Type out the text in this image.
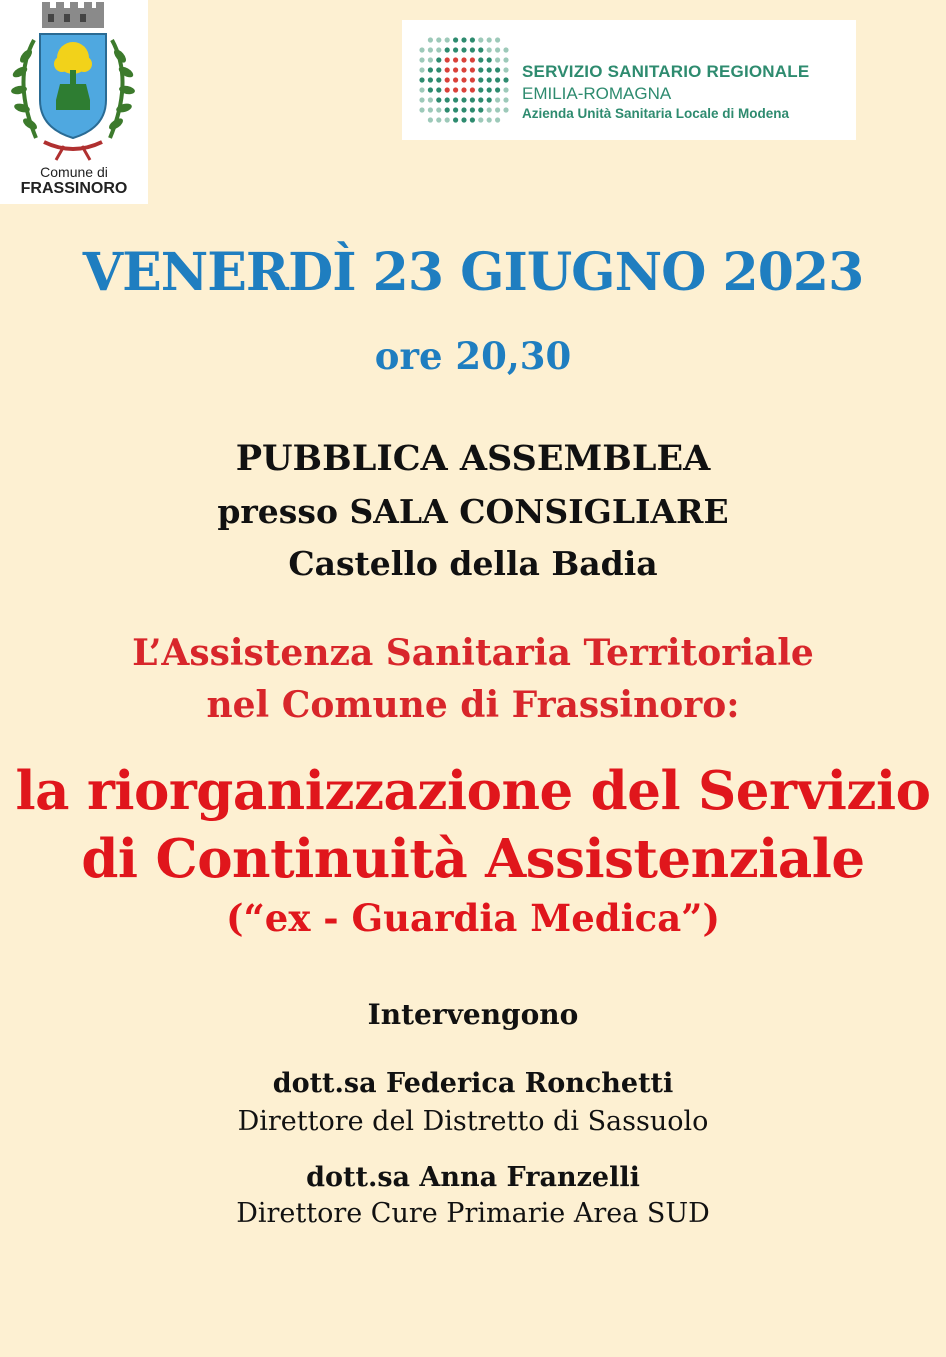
Comune di
FRASSINORO
SERVIZIO SANITARIO REGIONALE
EMILIA-ROMAGNA
Azienda Unità Sanitaria Locale di Modena
VENERDÌ 23 GIUGNO 2023
ore 20,30
PUBBLICA ASSEMBLEA
presso SALA CONSIGLIARE
Castello della Badia
L’Assistenza Sanitaria Territoriale
nel Comune di Frassinoro:
la riorganizzazione del Servizio
di Continuità Assistenziale
(“ex - Guardia Medica”)
Intervengono
dott.sa Federica Ronchetti
Direttore del Distretto di Sassuolo
dott.sa Anna Franzelli
Direttore Cure Primarie Area SUD
